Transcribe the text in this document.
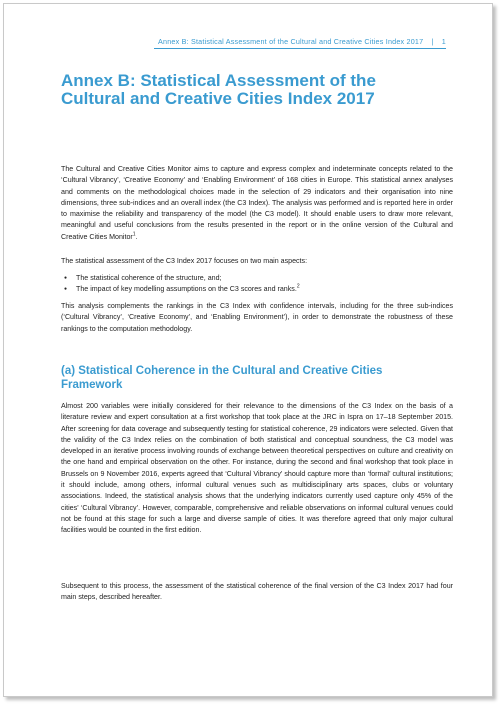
Annex B: Statistical Assessment of the Cultural and Creative Cities Index 2017 | 1
Annex B: Statistical Assessment of the Cultural and Creative Cities Index 2017

The Cultural and Creative Cities Monitor aims to capture and express complex and indeterminate concepts related to the ‘Cultural Vibrancy’, ‘Creative Economy’ and ‘Enabling Environment’ of 168 cities in Europe. This statistical annex analyses and comments on the methodological choices made in the selection of 29 indicators and their organisation into nine dimensions, three sub-indices and an overall index (the C3 Index). The analysis was performed and is reported here in order to maximise the reliability and transparency of the model (the C3 model). It should enable users to draw more relevant, meaningful and useful conclusions from the results presented in the report or in the online version of the Cultural and Creative Cities Monitor$^1$.

The statistical assessment of the C3 Index 2017 focuses on two main aspects:

● The statistical coherence of the structure, and;
● The impact of key modelling assumptions on the C3 scores and ranks.$^2$

This analysis complements the rankings in the C3 Index with confidence intervals, including for the three sub-indices (‘Cultural Vibrancy’, ‘Creative Economy’, and ‘Enabling Environment’), in order to demonstrate the robustness of these rankings to the computation methodology.

(a) Statistical Coherence in the Cultural and Creative Cities Framework

Almost 200 variables were initially considered for their relevance to the dimensions of the C3 Index on the basis of a literature review and expert consultation at a first workshop that took place at the JRC in Ispra on 17–18 September 2015. After screening for data coverage and subsequently testing for statistical coherence, 29 indicators were selected. Given that the validity of the C3 Index relies on the combination of both statistical and conceptual soundness, the C3 model was developed in an iterative process involving rounds of exchange between theoretical perspectives on culture and creativity on the one hand and empirical observation on the other. For instance, during the second and final workshop that took place in Brussels on 9 November 2016, experts agreed that ‘Cultural Vibrancy’ should capture more than ‘formal’ cultural institutions; it should include, among others, informal cultural venues such as multidisciplinary arts spaces, clubs or voluntary associations. Indeed, the statistical analysis shows that the underlying indicators currently used capture only 45% of the cities’ ‘Cultural Vibrancy’. However, comparable, comprehensive and reliable observations on informal cultural venues could not be found at this stage for such a large and diverse sample of cities. It was therefore agreed that only major cultural facilities would be counted in the first edition.

Subsequent to this process, the assessment of the statistical coherence of the final version of the C3 Index 2017 had four main steps, described hereafter.
